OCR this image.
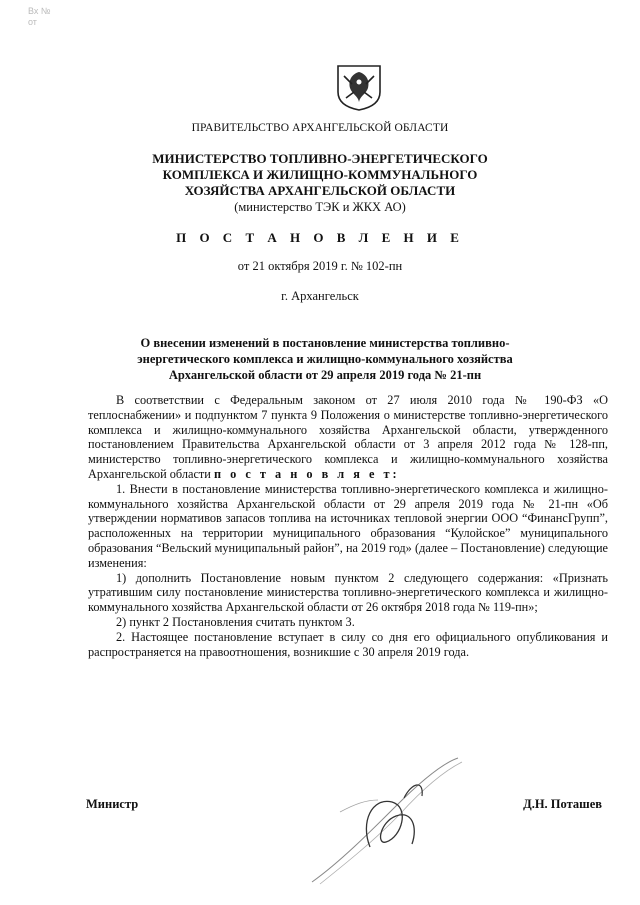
Вх №
от
ПРАВИТЕЛЬСТВО АРХАНГЕЛЬСКОЙ ОБЛАСТИ
МИНИСТЕРСТВО ТОПЛИВНО-ЭНЕРГЕТИЧЕСКОГО
КОМПЛЕКСА И ЖИЛИЩНО-КОММУНАЛЬНОГО
ХОЗЯЙСТВА АРХАНГЕЛЬСКОЙ ОБЛАСТИ
(министерство ТЭК и ЖКХ АО)
П О С Т А Н О В Л Е Н И Е
от 21 октября 2019 г. № 102-пн
г. Архангельск
О внесении изменений в постановление министерства топливно-
энергетического комплекса и жилищно-коммунального хозяйства
Архангельской области от 29 апреля 2019 года № 21-пн

В соответствии с Федеральным законом от 27 июля 2010 года № 190-ФЗ «О теплоснабжении» и подпунктом 7 пункта 9 Положения о министерстве топливно-энергетического комплекса и жилищно-коммунального хозяйства Архангельской области, утвержденного постановлением Правительства Архангельской области от 3 апреля 2012 года № 128-пп, министерство топливно-энергетического комплекса и жилищно-коммунального хозяйства Архангельской области п о с т а н о в л я е т:

1. Внести в постановление министерства топливно-энергетического комплекса и жилищно-коммунального хозяйства Архангельской области от 29 апреля 2019 года № 21-пн «Об утверждении нормативов запасов топлива на источниках тепловой энергии ООО “ФинансГрупп”, расположенных на территории муниципального образования “Кулойское” муниципального образования “Вельский муниципальный район”, на 2019 год» (далее – Постановление) следующие изменения:

1) дополнить Постановление новым пунктом 2 следующего содержания: «Признать утратившим силу постановление министерства топливно-энергетического комплекса и жилищно-коммунального хозяйства Архангельской области от 26 октября 2018 года № 119-пн»;

2) пункт 2 Постановления считать пунктом 3.

2. Настоящее постановление вступает в силу со дня его официального опубликования и распространяется на правоотношения, возникшие с 30 апреля 2019 года.

Министр	Д.Н. Поташев
